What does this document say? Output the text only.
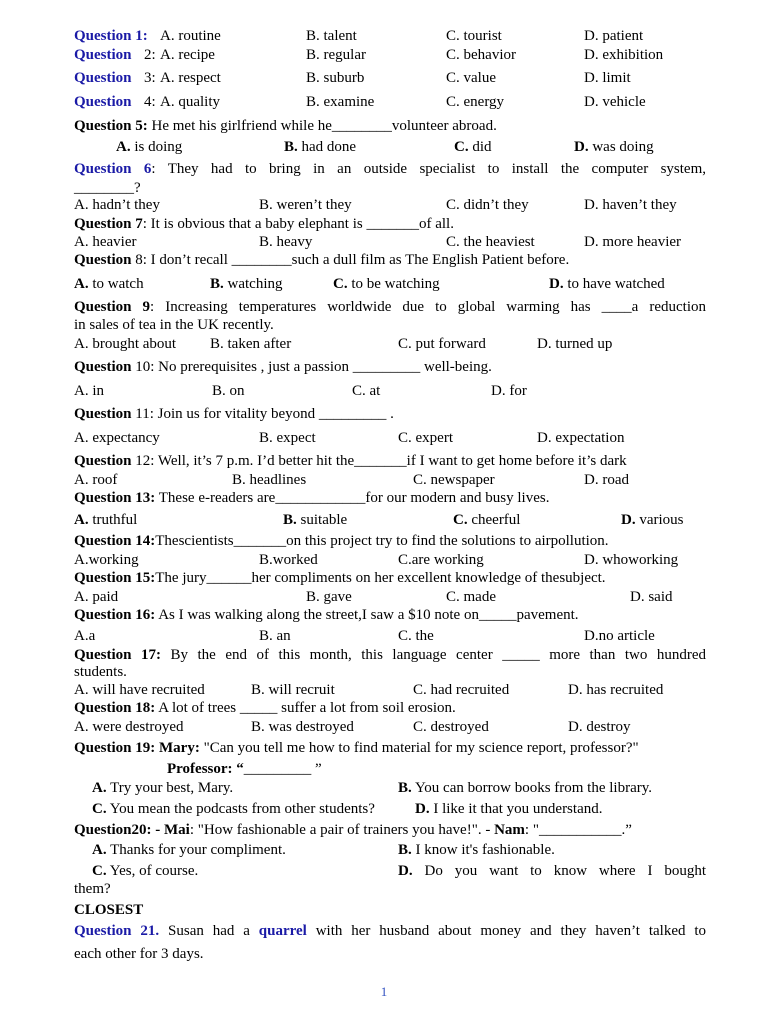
Question 1: A. routine	B. talent	C. tourist	D. patient
Question 2: A. recipe	B. regular	C. behavior	D. exhibition
Question 3: A. respect	B. suburb	C. value	D. limit
Question 4: A. quality	B. examine	C. energy	D. vehicle
Question 5: He met his girlfriend while he________volunteer abroad.
A. is doing	B. had done	C. did	D. was doing
Question 6: They had to bring in an outside specialist to install the computer system,
________?
A. hadn’t they	B. weren’t they	C. didn’t they	D. haven’t they
Question 7: It is obvious that a baby elephant is _______of all.
A. heavier	B. heavy	C. the heaviest	D. more heavier
Question 8: I don’t recall ________such a dull film as The English Patient before.
A. to watch	B. watching	C. to be watching	D. to have watched
Question 9: Increasing temperatures worldwide due to global warming has ____a reduction
in sales of tea in the UK recently.
A. brought about B. taken after	C. put forward	D. turned up
Question 10: No prerequisites , just a passion _________ well-being.
A. in	B. on	C. at	D. for
Question 11: Join us for vitality beyond _________ .
A. expectancy	B. expect	C. expert	D. expectation
Question 12: Well, it’s 7 p.m. I’d better hit the_______if I want to get home before it’s dark
A. roof	B. headlines	C. newspaper	D. road
Question 13: These e-readers are____________for our modern and busy lives.
A. truthful	B. suitable	C. cheerful	D. various
Question 14:Thescientists_______on this project try to find the solutions to airpollution.
A.working	B.worked	C.are working	D. whoworking
Question 15:The jury______her compliments on her excellent knowledge of thesubject.
A. paid	B. gave	C. made	D. said
Question 16: As I was walking along the street,I saw a $10 note on_____pavement.
A.a	B. an	C. the	D.no article
Question 17: By the end of this month, this language center _____ more than two hundred
students.
A. will have recruited	B. will recruit	C. had recruited	D. has recruited
Question 18: A lot of trees _____ suffer a lot from soil erosion.
A. were destroyed	B. was destroyed	C. destroyed	D. destroy
Question 19: Mary: "Can you tell me how to find material for my science report, professor?"
Professor: “_________ ”
A. Try your best, Mary.	B. You can borrow books from the library.
C. You mean the podcasts from other students?	D. I like it that you understand.
Question20: - Mai: "How fashionable a pair of trainers you have!". - Nam: "___________.”
A. Thanks for your compliment.	B. I know it's fashionable.
C. Yes, of course.	D. Do you want to know where I bought
them?
CLOSEST
Question 21. Susan had a quarrel with her husband about money and they haven’t talked to
each other for 3 days.
1
